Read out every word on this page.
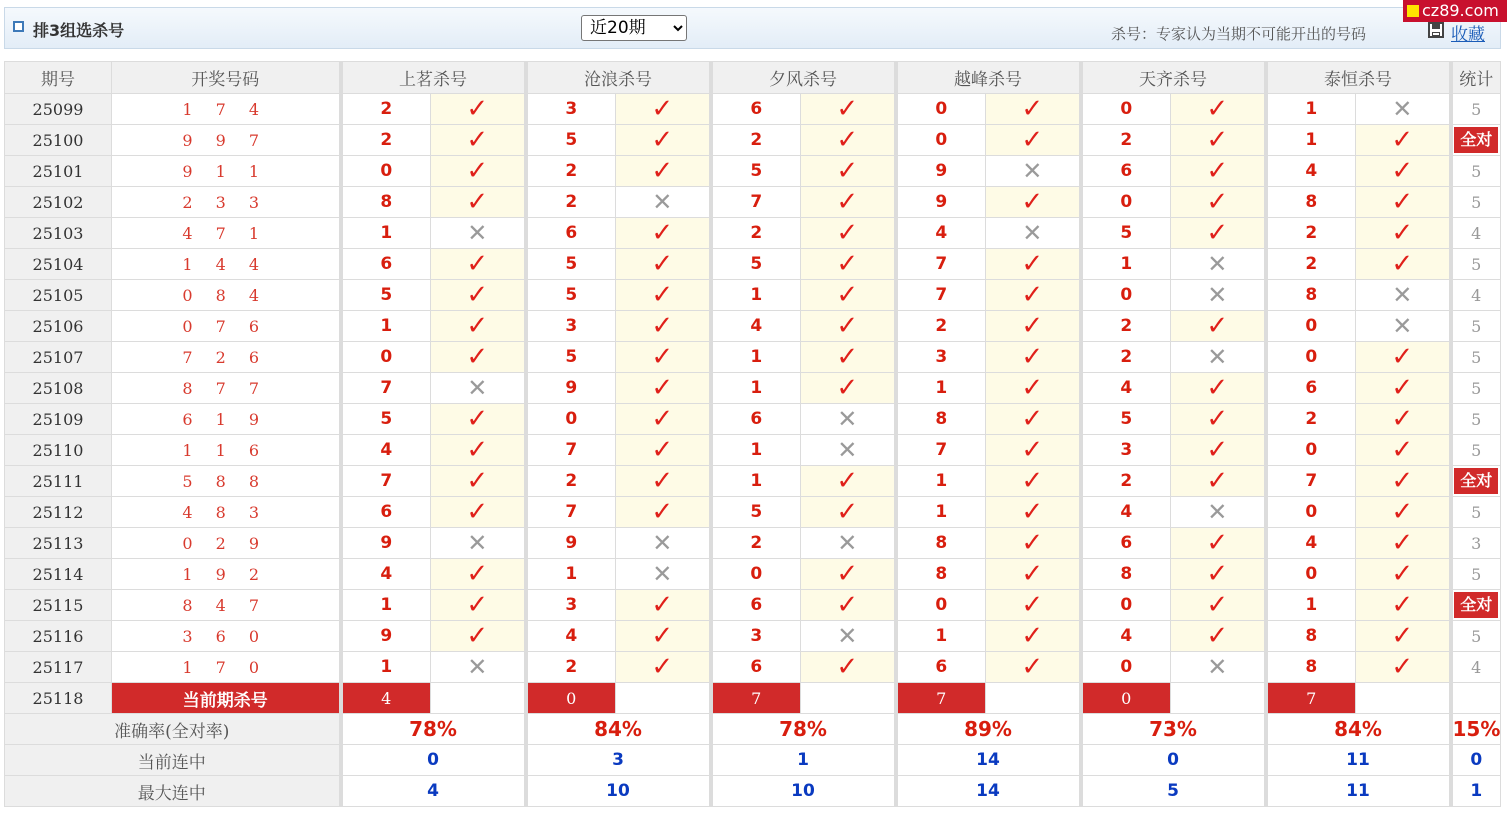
排3组选杀号
近20期	杀号：专家认为当期不可能开出的号码	收藏
cz89.com
期号	开奖号码	上茗杀号		沧浪杀号		夕风杀号		越峰杀号		天齐杀号		泰恒杀号		统计
25099	1 7 4	2	✓	3	✓	6	✓	0	✓	0	✓	1	✕	5
25100	9 9 7	2	✓	5	✓	2	✓	0	✓	2	✓	1	✓	全对

25101	9 1 1	0	✓	2	✓	5	✓	9	✕	6	✓	4	✓	5
25102	2 3 3	8	✓	2	✕	7	✓	9	✓	0	✓	8	✓	5
25103	4 7 1	1	✕	6	✓	2	✓	4	✕	5	✓	2	✓	4
25104	1 4 4	6	✓	5	✓	5	✓	7	✓	1	✕	2	✓	5
25105	0 8 4	5	✓	5	✓	1	✓	7	✓	0	✕	8	✕	4
25106	0 7 6	1	✓	3	✓	4	✓	2	✓	2	✓	0	✕	5
25107	7 2 6	0	✓	5	✓	1	✓	3	✓	2	✕	0	✓	5
25108	8 7 7	7	✕	9	✓	1	✓	1	✓	4	✓	6	✓	5
25109	6 1 9	5	✓	0	✓	6	✕	8	✓	5	✓	2	✓	5
25110	1 1 6	4	✓	7	✓	1	✕	7	✓	3	✓	0	✓	5
25111	5 8 8	7	✓	2	✓	1	✓	1	✓	2	✓	7	✓	全对

25112	4 8 3	6	✓	7	✓	5	✓	1	✓	4	✕	0	✓	5
25113	0 2 9	9	✕	9	✕	2	✕	8	✓	6	✓	4	✓	3
25114	1 9 2	4	✓	1	✕	0	✓	8	✓	8	✓	0	✓	5
25115	8 4 7	1	✓	3	✓	6	✓	0	✓	0	✓	1	✓	全对

25116	3 6 0	9	✓	4	✓	3	✕	1	✓	4	✓	8	✓	5
25117	1 7 0	1	✕	2	✓	6	✓	6	✓	0	✕	8	✓	4
25118	当前期杀号	4		0		7		7		0		7		
准确率(全对率)		78%		84%		78%		89%		73%		84%		15%
当前连中		0		3		1		14		0		11		0
最大连中		4		10		10		14		5		11		1
